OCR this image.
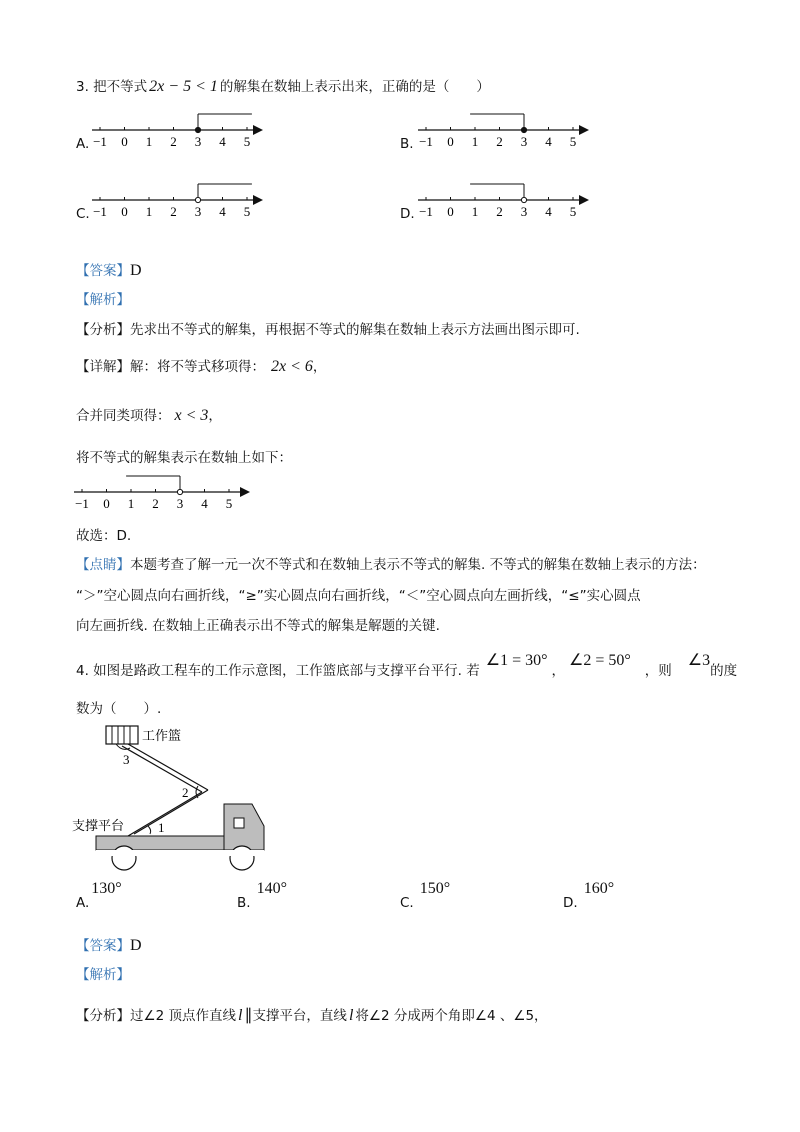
3. 把不等式 2x − 5 < 1 的解集在数轴上表示出来，正确的是（　　）
A.	B.
C.	D.
−1 0 1 2 3 4 5	−1 0 1 2 3 4 5
−1 0 1 2 3 4 5	−1 0 1 2 3 4 5
【答案】D
【解析】
【分析】先求出不等式的解集，再根据不等式的解集在数轴上表示方法画出图示即可.
【详解】解：将不等式移项得： 2x < 6，
合并同类项得： x < 3，
将不等式的解集表示在数轴上如下：
−1 0 1 2 3 4 5
故选：D.
【点睛】本题考查了解一元一次不等式和在数轴上表示不等式的解集. 不等式的解集在数轴上表示的方法：
“＞”空心圆点向右画折线，“≥”实心圆点向右画折线，“＜”空心圆点向左画折线，“≤”实心圆点
向左画折线. 在数轴上正确表示出不等式的解集是解题的关键.
4. 如图是路政工程车的工作示意图，工作篮底部与支撑平台平行. 若∠1 = 30°，∠2 = 50°，则∠3的度
数为（　　）.
工作篮
3
2
1
支撑平台
A.130°
B.140°
C.150°
D.160°
【答案】D
【解析】
【分析】过∠2 顶点作直线 l ∥支撑平台，直线 l 将∠2 分成两个角即∠4 、∠5，
